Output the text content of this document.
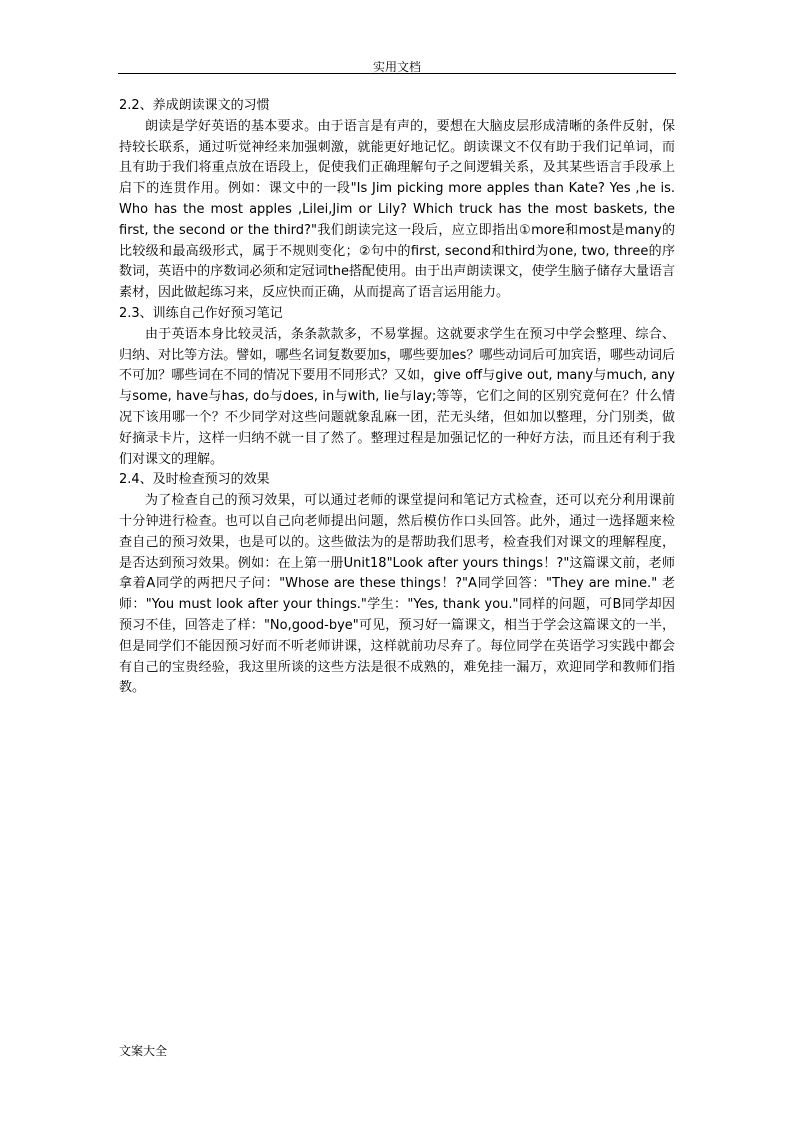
实用文档

2.2、养成朗读课文的习惯

朗读是学好英语的基本要求。由于语言是有声的，要想在大脑皮层形成清晰的条件反射，保持较长联系，通过听觉神经来加强刺激，就能更好地记忆。朗读课文不仅有助于我们记单词，而且有助于我们将重点放在语段上，促使我们正确理解句子之间逻辑关系，及其某些语言手段承上启下的连贯作用。例如：课文中的一段"Is Jim picking more apples than Kate? Yes ,he is. Who has the most apples ,Lilei,Jim or Lily? Which truck has the most baskets, the first, the second or the third?"我们朗读完这一段后，应立即指出①more和most是many的比较级和最高级形式，属于不规则变化；②句中的first, second和third为one, two, three的序数词，英语中的序数词必须和定冠词the搭配使用。由于出声朗读课文，使学生脑子储存大量语言素材，因此做起练习来，反应快而正确，从而提高了语言运用能力。

2.3、训练自己作好预习笔记

由于英语本身比较灵活，条条款款多，不易掌握。这就要求学生在预习中学会整理、综合、归纳、对比等方法。譬如，哪些名词复数要加s，哪些要加es？哪些动词后可加宾语，哪些动词后不可加？哪些词在不同的情况下要用不同形式？又如，give off与give out, many与much, any与some, have与has, do与does, in与with, lie与lay;等等，它们之间的区别究竟何在？什么情况下该用哪一个？不少同学对这些问题就象乱麻一团，茫无头绪，但如加以整理，分门别类，做好摘录卡片，这样一归纳不就一目了然了。整理过程是加强记忆的一种好方法，而且还有利于我们对课文的理解。

2.4、及时检查预习的效果

为了检查自己的预习效果，可以通过老师的课堂提问和笔记方式检查，还可以充分利用课前十分钟进行检查。也可以自己向老师提出问题，然后模仿作口头回答。此外，通过一选择题来检查自己的预习效果，也是可以的。这些做法为的是帮助我们思考，检查我们对课文的理解程度，是否达到预习效果。例如：在上第一册Unit18"Look after yours things！?"这篇课文前，老师拿着A同学的两把尺子问："Whose are these things！?"A同学回答："They are mine." 老师："You must look after your things."学生："Yes, thank you."同样的问题，可B同学却因预习不佳，回答走了样："No,good-bye"可见，预习好一篇课文，相当于学会这篇课文的一半，但是同学们不能因预习好而不听老师讲课，这样就前功尽弃了。每位同学在英语学习实践中都会有自己的宝贵经验，我这里所谈的这些方法是很不成熟的，难免挂一漏万，欢迎同学和教师们指教。

文案大全
